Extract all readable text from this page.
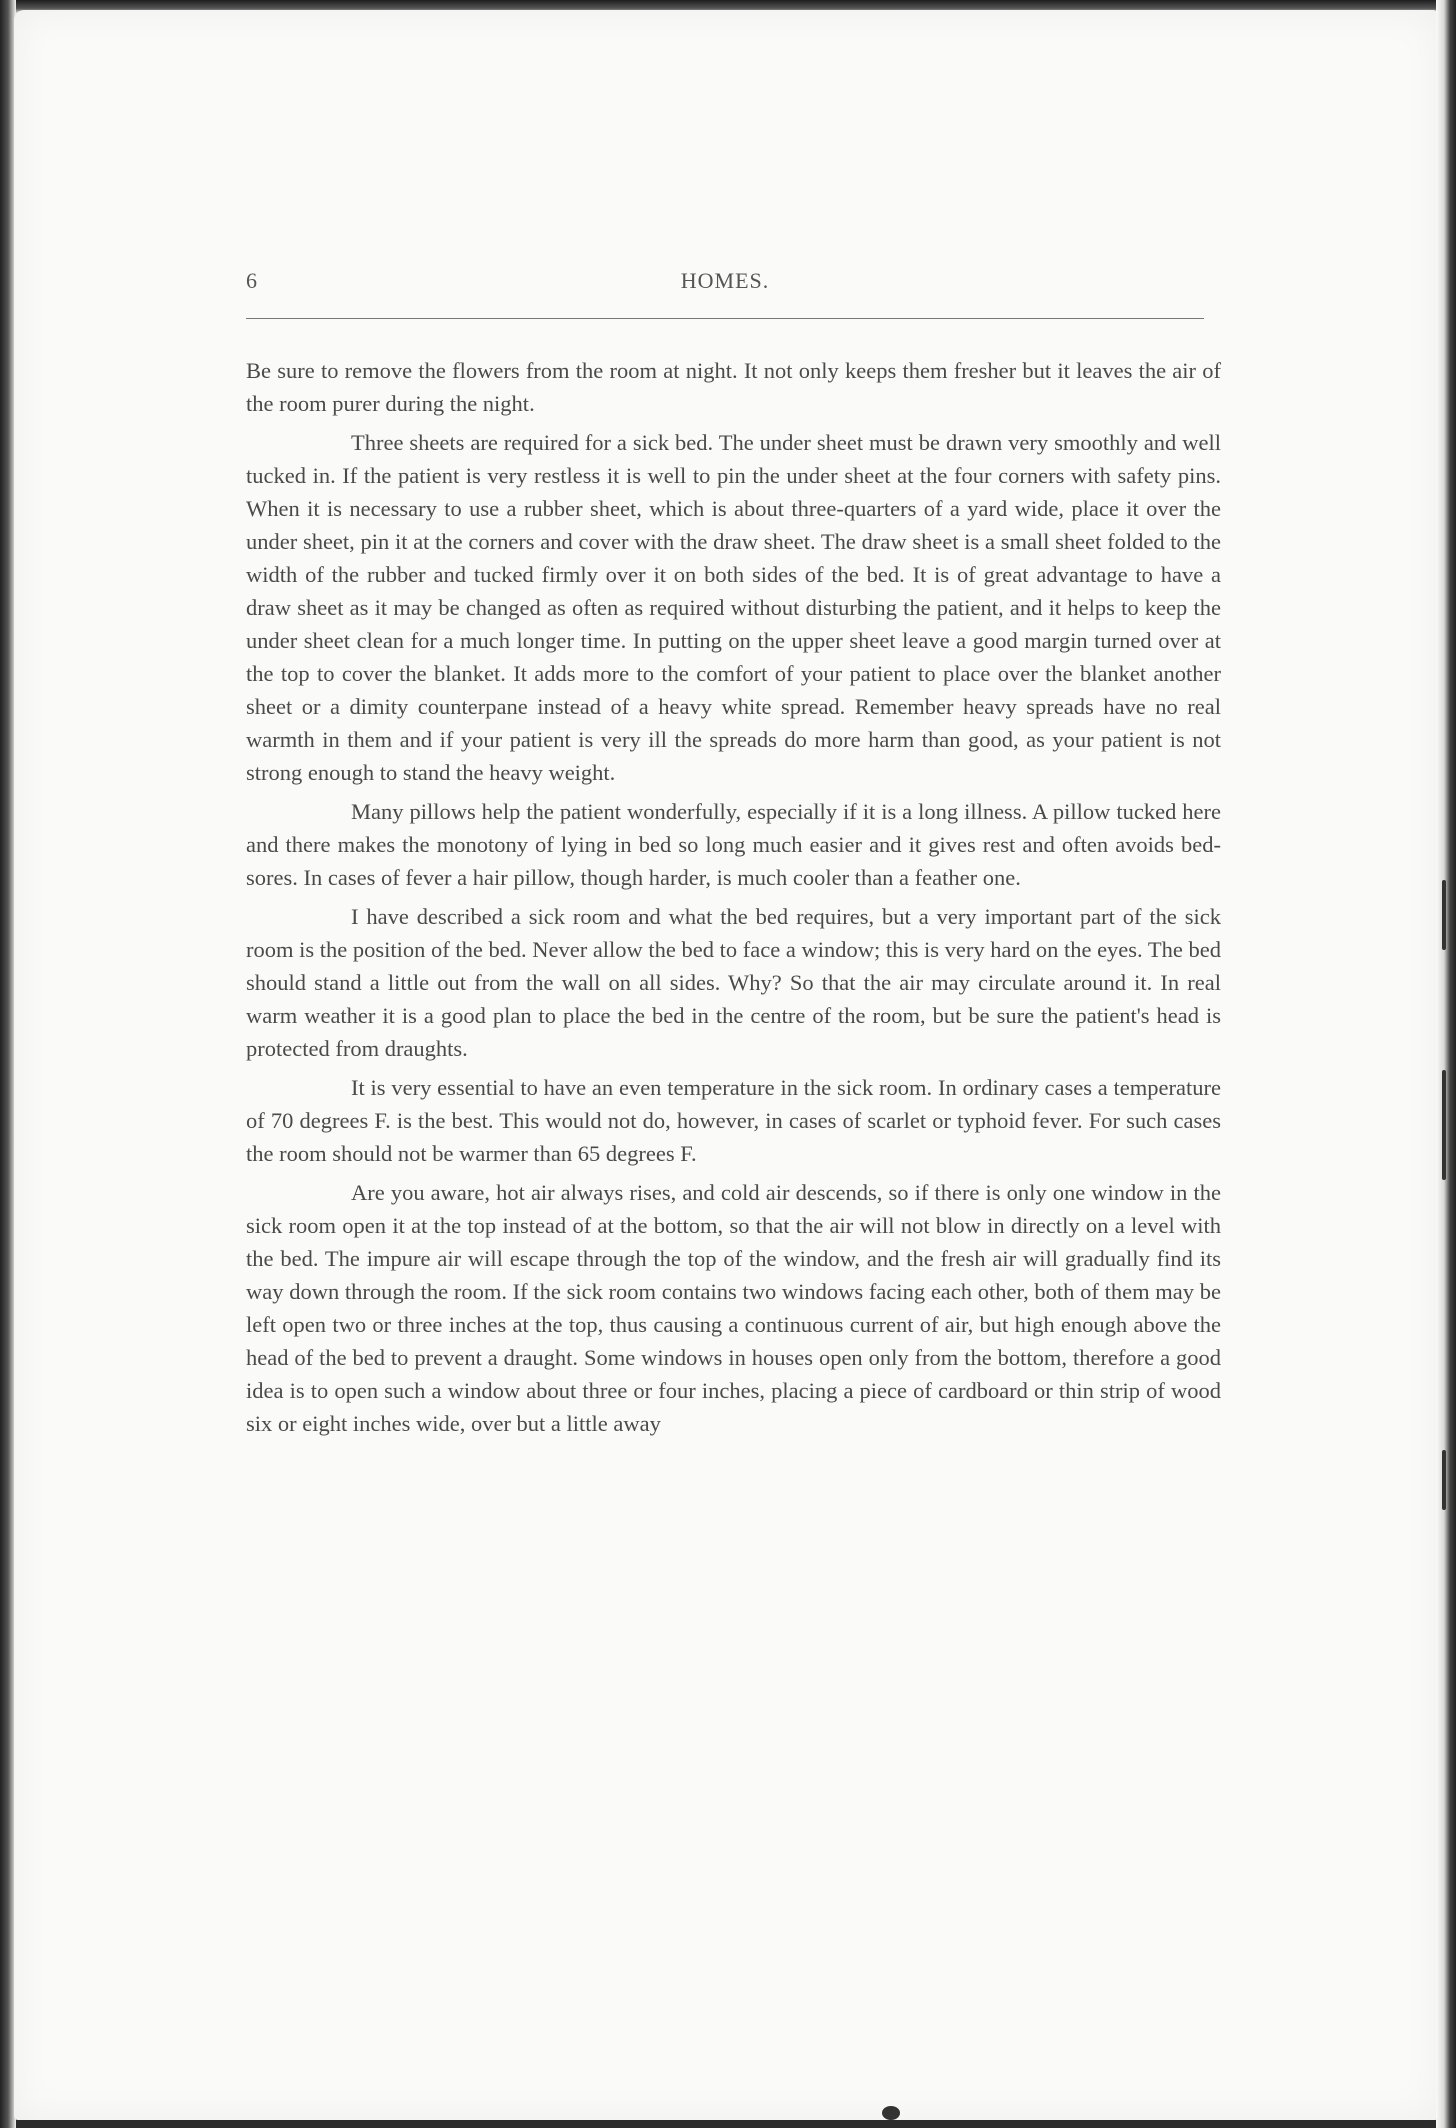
6	HOMES.

Be sure to remove the flowers from the room at night. It not only keeps them fresher but it leaves the air of the room purer during the night.

Three sheets are required for a sick bed. The under sheet must be drawn very smoothly and well tucked in. If the patient is very restless it is well to pin the under sheet at the four corners with safety pins. When it is necessary to use a rubber sheet, which is about three-quarters of a yard wide, place it over the under sheet, pin it at the corners and cover with the draw sheet. The draw sheet is a small sheet folded to the width of the rubber and tucked firmly over it on both sides of the bed. It is of great advantage to have a draw sheet as it may be changed as often as required without disturbing the patient, and it helps to keep the under sheet clean for a much longer time. In putting on the upper sheet leave a good margin turned over at the top to cover the blanket. It adds more to the comfort of your patient to place over the blanket another sheet or a dimity counterpane instead of a heavy white spread. Remember heavy spreads have no real warmth in them and if your patient is very ill the spreads do more harm than good, as your patient is not strong enough to stand the heavy weight.

Many pillows help the patient wonderfully, especially if it is a long illness. A pillow tucked here and there makes the monotony of lying in bed so long much easier and it gives rest and often avoids bed-sores. In cases of fever a hair pillow, though harder, is much cooler than a feather one.

I have described a sick room and what the bed requires, but a very important part of the sick room is the position of the bed. Never allow the bed to face a window; this is very hard on the eyes. The bed should stand a little out from the wall on all sides. Why? So that the air may circulate around it. In real warm weather it is a good plan to place the bed in the centre of the room, but be sure the patient's head is protected from draughts.

It is very essential to have an even temperature in the sick room. In ordinary cases a temperature of 70 degrees F. is the best. This would not do, however, in cases of scarlet or typhoid fever. For such cases the room should not be warmer than 65 degrees F.

Are you aware, hot air always rises, and cold air descends, so if there is only one window in the sick room open it at the top instead of at the bottom, so that the air will not blow in directly on a level with the bed. The impure air will escape through the top of the window, and the fresh air will gradually find its way down through the room. If the sick room contains two windows facing each other, both of them may be left open two or three inches at the top, thus causing a continuous current of air, but high enough above the head of the bed to prevent a draught. Some windows in houses open only from the bottom, therefore a good idea is to open such a window about three or four inches, placing a piece of cardboard or thin strip of wood six or eight inches wide, over but a little away
